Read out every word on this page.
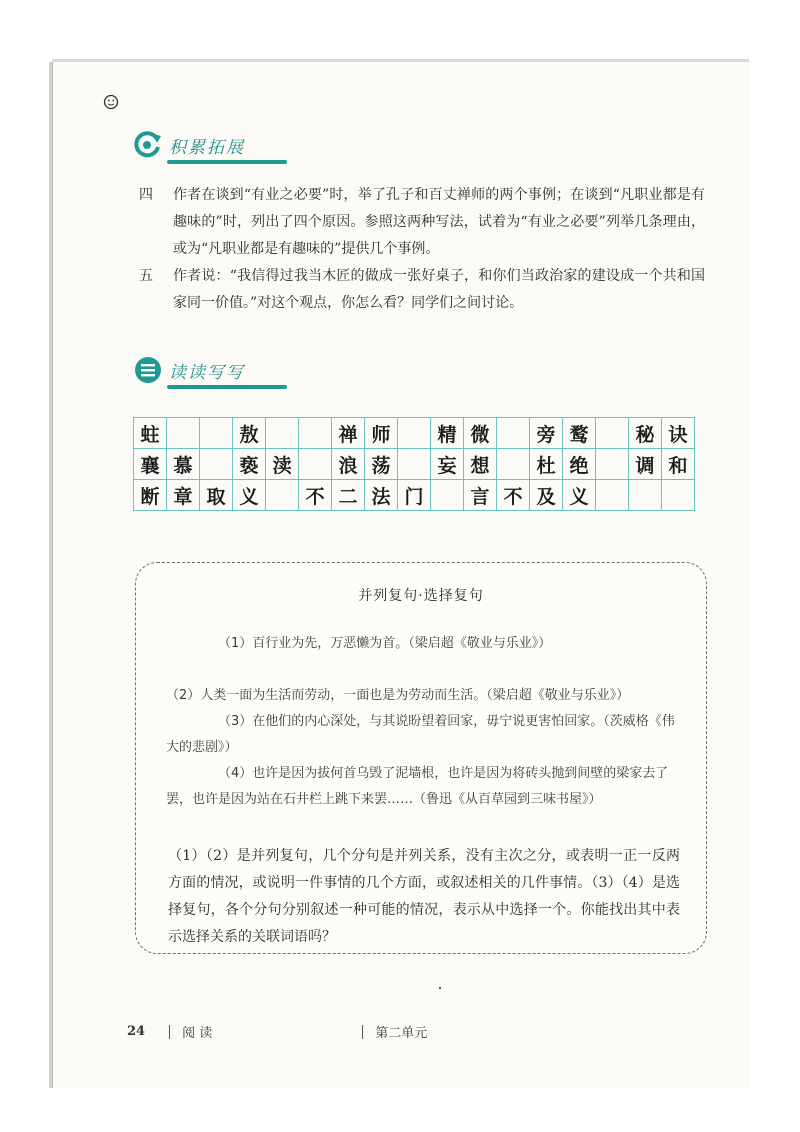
积累拓展
四 作者在谈到“有业之必要”时，举了孔子和百丈禅师的两个事例；在谈到“凡职业都是有趣味的”时，列出了四个原因。参照这两种写法，试着为“有业之必要”列举几条理由，或为“凡职业都是有趣味的”提供几个事例。
五 作者说：“我信得过我当木匠的做成一张好桌子，和你们当政治家的建设成一个共和国家同一价值。”对这个观点，你怎么看？同学们之间讨论。
读读写写
蛀			敖			禅	师		精	微		旁	鹜		秘	诀
襄	慕		亵	渎		浪	荡		妄	想		杜	绝		调	和
断	章	取	义		不	二	法	门		言	不	及	义			
并列复句·选择复句
（1）百行业为先，万恶懒为首。（梁启超《敬业与乐业》）
（2）人类一面为生活而劳动，一面也是为劳动而生活。（梁启超《敬业与乐业》）
（3）在他们的内心深处，与其说盼望着回家，毋宁说更害怕回家。（茨威格《伟大的悲剧》）
（4）也许是因为拔何首乌毁了泥墙根，也许是因为将砖头抛到间壁的梁家去了罢，也许是因为站在石井栏上跳下来罢……（鲁迅《从百草园到三味书屋》）
（1）（2）是并列复句，几个分句是并列关系，没有主次之分，或表明一正一反两方面的情况，或说明一件事情的几个方面，或叙述相关的几件事情。（3）（4）是选择复句，各个分句分别叙述一种可能的情况，表示从中选择一个。你能找出其中表示选择关系的关联词语吗？
24	阅 读	第二单元
